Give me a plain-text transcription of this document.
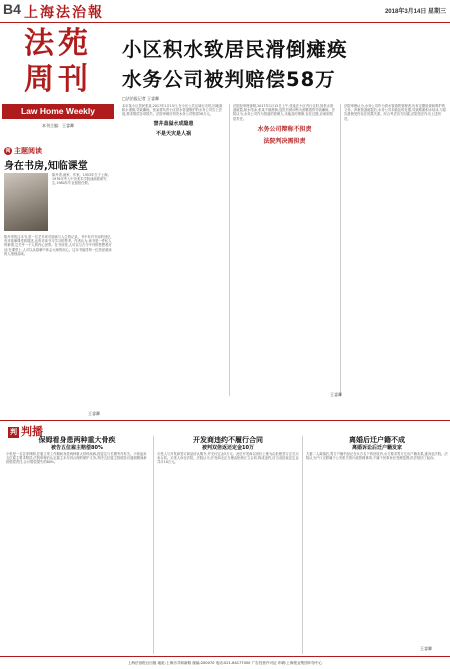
B4 上海法治報	2018年3月14日 星期三
法苑
周刊
Law Home Weekly
本刊主编：王睿卿
阅 主题阅读
身在书房,知临课堂
陈丹青,画家、作家。1953年生于上海。1978年考入中央美术学院油画系研究生,1980年毕业留校任教。
陈丹青的这本书,是一位艺术家对阅读与人生的记录。书中有对书房的回忆,有对临摹课堂的描述,也有对读书与学习的思考。作者认为,读书是一件私人的事情,它关乎一个人的内心世界。在书房里,人可以与古今中外的思想者对话;在课堂上,人可以从临摹中体会大师的用心。这本书值得每一位热爱阅读的人细细品味。
王睿卿
小区积水致居民滑倒瘫痪
水务公司被判赔偿58万
□法治报记者 王睿卿
本市某小区居民张某,2017年1月15日,在小区公共区域行走时,因地面积水滑倒,导致瘫痪。张某将负责小区供水管道维护的水务公司告上法庭,要求赔偿各项损失。法院审理后判决水务公司赔偿58万元。
窨井盖溢水成隐患
不是天灾是人祸
法院经审理查明,2017年1月15日上午,张某在小区内行走时,因供水管道破裂,积水结冰,张某不慎滑倒,送医后被诊断为颈椎损伤导致瘫痪。法院认为,水务公司作为管道的管理人,未能及时维修,存在过错,应承担赔偿责任。
水务公司辩称不担责
法院判决需担责
法院审理认为,水务公司作为供水管道的管理者,负有定期检查和维护的义务。涉案管道破裂后,水务公司未能及时处置,导致路面积水结冰,与原告滑倒受伤存在因果关系。综合考虑各方因素,法院依法作出上述判决。
王睿卿
判 判播
保姆看身患两种重大骨疾
被告五位雇主赔偿80%
小张是一名住家保姆,在雇主家工作期间身患两种重大骨科疾病,经鉴定与长期劳作有关。小张起诉五位雇主要求赔偿,法院审理后认定雇主未尽到合理的保护义务,判决五位雇主按照各自雇佣期间承担赔偿责任,合计赔偿损失的80%。
开发商违约不履行合同
被判双倍返还定金10万
买受人与开发商签订商品房认购书,并支付定金5万元。此后开发商以房价上涨为由拒绝签订正式买卖合同。买受人诉至法院。法院认为,开发商无正当理由拒绝订立合同,构成违约,应当双倍返还定金共计10万元。
离婚后迁户籍不成
离婚诉讼后迁户籍发家
夫妻二人离婚后,男方户籍仍登记在女方名下的房屋内,女方要求男方迁出户籍未果,遂诉至法院。法院认为户口迁移属于公安机关的行政管理事项,不属于民事诉讼受理范围,依法驳回了起诉。
王睿卿
上海法治报社出版 地址:上海市共和新路 邮编:200070 电话:021-64177000 广告经营许可证 印刷:上海报业集团印务中心
